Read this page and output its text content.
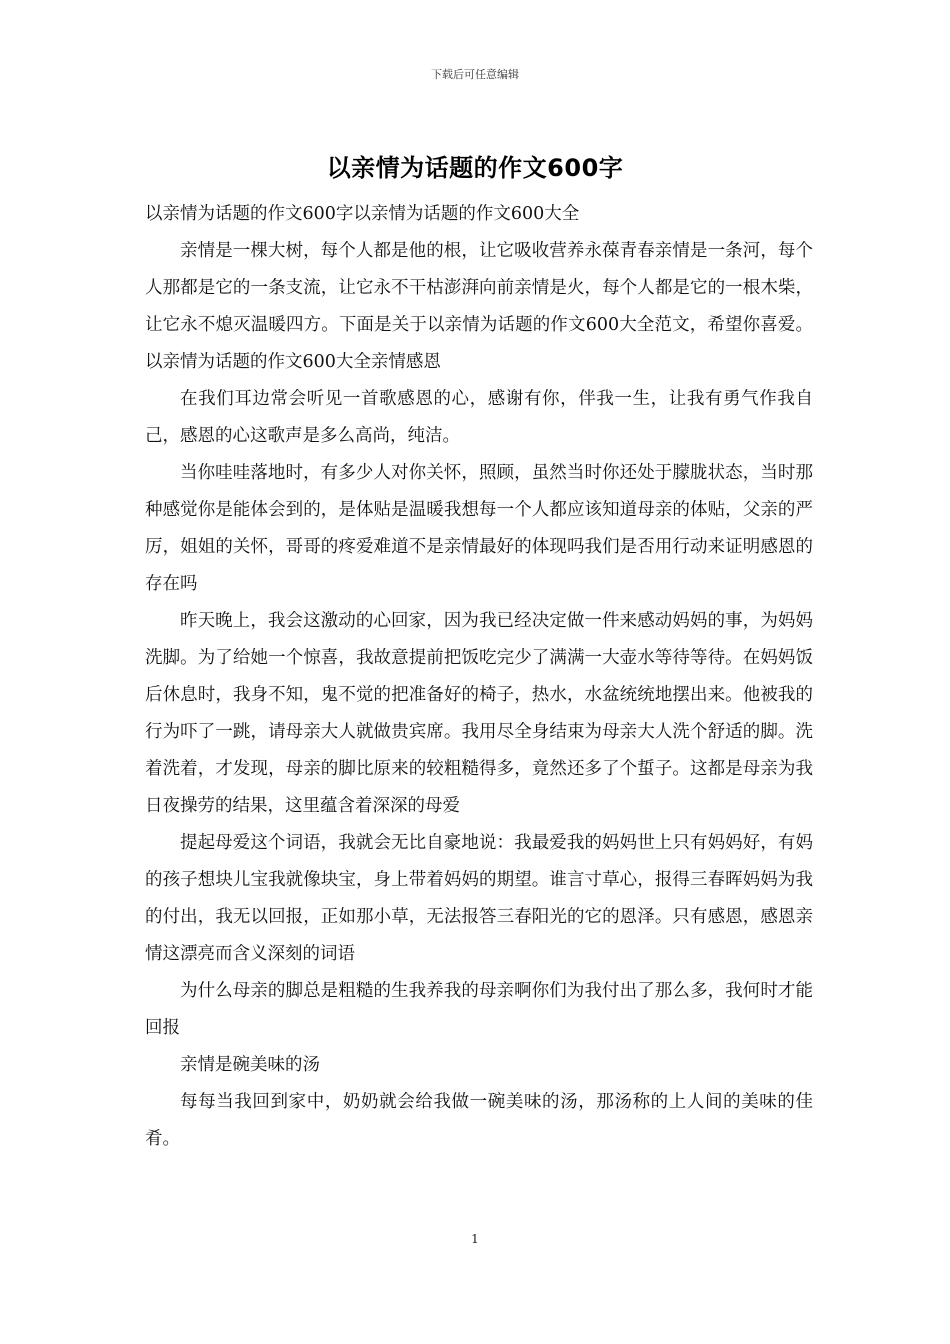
下载后可任意编辑
以亲情为话题的作文600字

以亲情为话题的作文600字以亲情为话题的作文600大全

亲情是一棵大树，每个人都是他的根，让它吸收营养永葆青春亲情是一条河，每个人那都是它的一条支流，让它永不干枯澎湃向前亲情是火，每个人都是它的一根木柴，让它永不熄灭温暖四方。下面是关于以亲情为话题的作文600大全范文，希望你喜爱。以亲情为话题的作文600大全亲情感恩

在我们耳边常会听见一首歌感恩的心，感谢有你，伴我一生，让我有勇气作我自己，感恩的心这歌声是多么高尚，纯洁。

当你哇哇落地时，有多少人对你关怀，照顾，虽然当时你还处于朦胧状态，当时那种感觉你是能体会到的，是体贴是温暖我想每一个人都应该知道母亲的体贴，父亲的严厉，姐姐的关怀，哥哥的疼爱难道不是亲情最好的体现吗我们是否用行动来证明感恩的存在吗

昨天晚上，我会这激动的心回家，因为我已经决定做一件来感动妈妈的事，为妈妈洗脚。为了给她一个惊喜，我故意提前把饭吃完少了满满一大壶水等待等待。在妈妈饭后休息时，我身不知，鬼不觉的把准备好的椅子，热水，水盆统统地摆出来。他被我的行为吓了一跳，请母亲大人就做贵宾席。我用尽全身结束为母亲大人洗个舒适的脚。洗着洗着，才发现，母亲的脚比原来的较粗糙得多，竟然还多了个蜇子。这都是母亲为我日夜操劳的结果，这里蕴含着深深的母爱

提起母爱这个词语，我就会无比自豪地说：我最爱我的妈妈世上只有妈妈好，有妈的孩子想块儿宝我就像块宝，身上带着妈妈的期望。谁言寸草心，报得三春晖妈妈为我的付出，我无以回报，正如那小草，无法报答三春阳光的它的恩泽。只有感恩，感恩亲情这漂亮而含义深刻的词语

为什么母亲的脚总是粗糙的生我养我的母亲啊你们为我付出了那么多，我何时才能回报

亲情是碗美味的汤

每每当我回到家中，奶奶就会给我做一碗美味的汤，那汤称的上人间的美味的佳肴。

1
